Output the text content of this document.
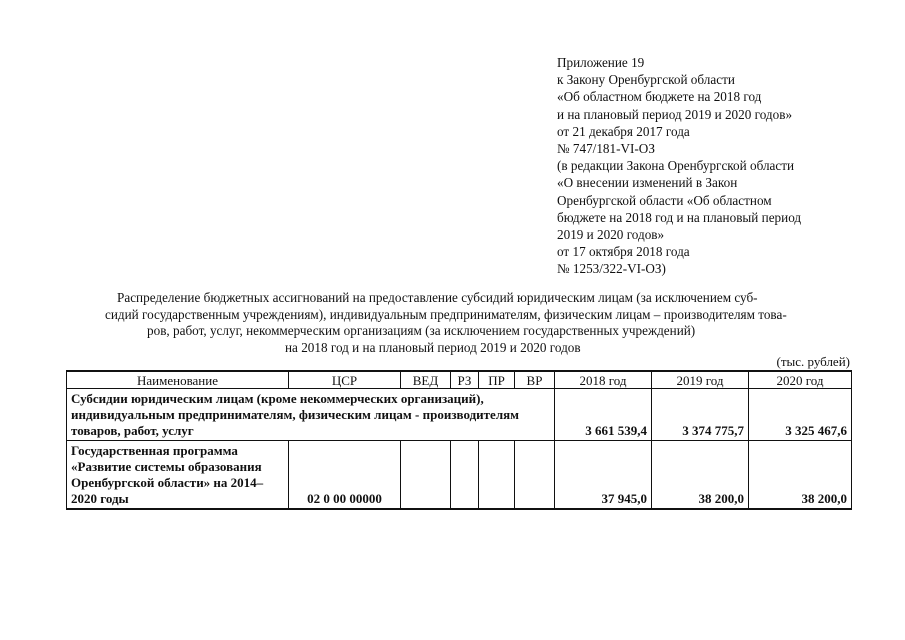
Приложение 19
к Закону Оренбургской области
«Об областном бюджете на 2018 год
и на плановый период 2019 и 2020 годов»
от 21 декабря 2017 года
№ 747/181-VI-ОЗ
(в редакции Закона Оренбургской области
«О внесении изменений в Закон
Оренбургской области «Об областном
бюджете на 2018 год и на плановый период
2019 и 2020 годов»
от 17 октября 2018 года
№ 1253/322-VI-ОЗ)
Распределение бюджетных ассигнований на предоставление субсидий юридическим лицам (за исключением суб-
сидий государственным учреждениям), индивидуальным предпринимателям, физическим лицам – производителям това-
ров, работ, услуг, некоммерческим организациям (за исключением государственных учреждений)
на 2018 год и на плановый период 2019 и 2020 годов
(тыс. рублей)
Наименование	ЦСР	ВЕД	РЗ	ПР	ВР	2018 год	2019 год	2020 год
Субсидии юридическим лицам (кроме некоммерческих организаций), индивидуальным предпринимателям, физическим лицам - производителям товаров, работ, услуг						3 661 539,4	3 374 775,7	3 325 467,6
Государственная программа «Развитие системы образования Оренбургской области» на 2014–2020 годы	02 0 00 00000					37 945,0	38 200,0	38 200,0
